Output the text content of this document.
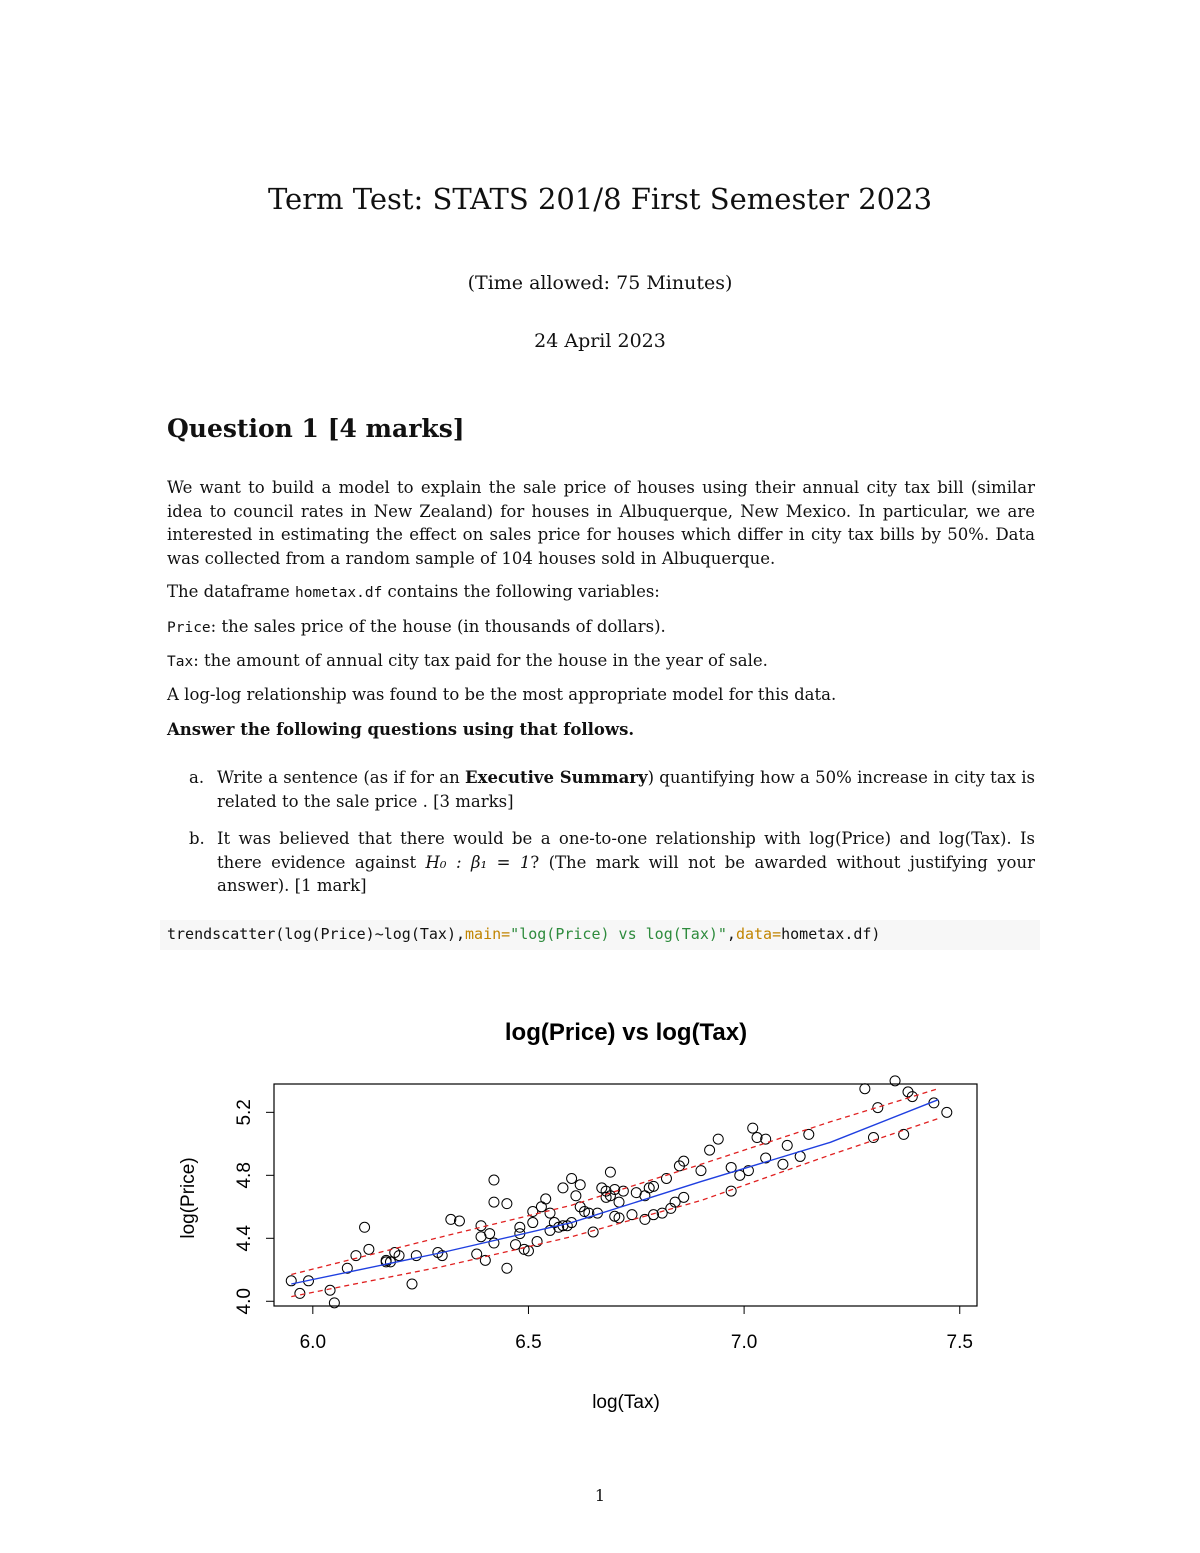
Term Test: STATS 201/8 First Semester 2023
(Time allowed: 75 Minutes)
24 April 2023
Question 1 [4 marks]
We want to build a model to explain the sale price of houses using their annual city tax bill (similar idea to council rates in New Zealand) for houses in Albuquerque, New Mexico. In particular, we are interested in estimating the effect on sales price for houses which differ in city tax bills by 50%. Data was collected from a random sample of 104 houses sold in Albuquerque.
The dataframe hometax.df contains the following variables:
Price: the sales price of the house (in thousands of dollars).
Tax: the amount of annual city tax paid for the house in the year of sale.
A log-log relationship was found to be the most appropriate model for this data.
Answer the following questions using that follows.
a. Write a sentence (as if for an Executive Summary) quantifying how a 50% increase in city tax is related to the sale price . [3 marks]
b. It was believed that there would be a one-to-one relationship with log(Price) and log(Tax). Is there evidence against H₀ : β₁ = 1? (The mark will not be awarded without justifying your answer). [1 mark]
trendscatter(log(Price)~log(Tax),main="log(Price) vs log(Tax)",data=hometax.df)
log(Price) vs log(Tax)
log(Tax)
log(Price)
6.0	6.5	7.0	7.5
4.0
4.4
4.8
5.2
1
